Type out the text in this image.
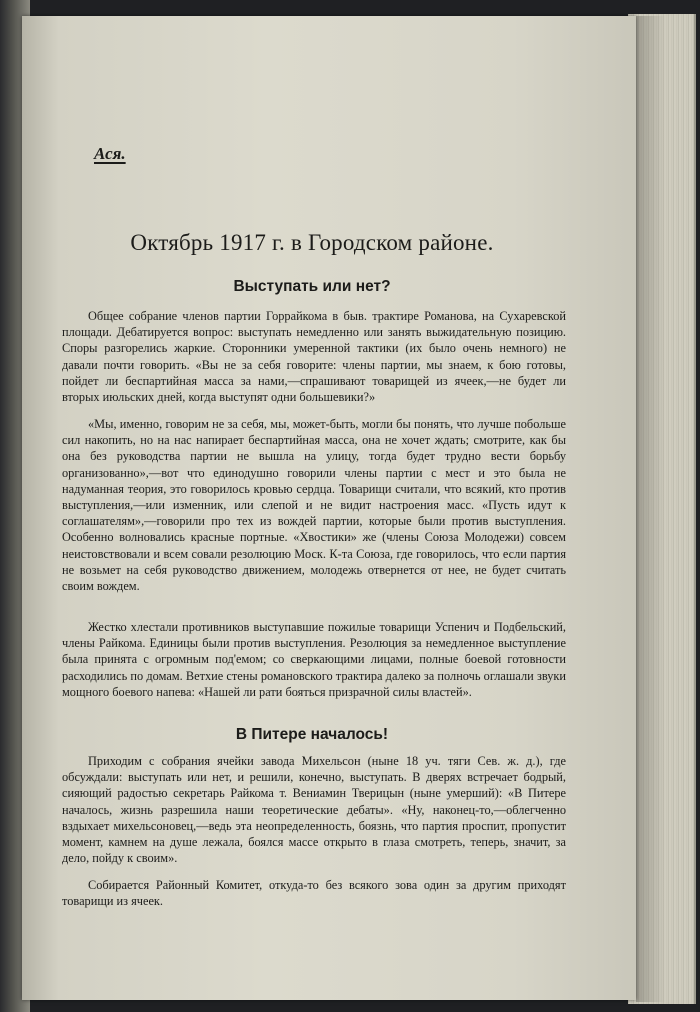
Ася.
Октябрь 1917 г. в Городском районе.
Выступать или нет?

Общее собрание членов партии Горрайкома в быв. трактире Романова, на Сухаревской площади. Дебатируется вопрос: выступать немедленно или занять выжидательную позицию. Споры разгорелись жаркие. Сторонники умеренной тактики (их было очень немного) не давали почти говорить. «Вы не за себя говорите: члены партии, мы знаем, к бою готовы, пойдет ли беспартийная масса за нами,—спрашивают товарищей из ячеек,—не будет ли вторых июльских дней, когда выступят одни большевики?»

«Мы, именно, говорим не за себя, мы, может-быть, могли бы понять, что лучше побольше сил накопить, но на нас напирает беспартийная масса, она не хочет ждать; смотрите, как бы она без руководства партии не вышла на улицу, тогда будет трудно вести борьбу организованно»,—вот что единодушно говорили члены партии с мест и это была не надуманная теория, это говорилось кровью сердца. Товарищи считали, что всякий, кто против выступления,—или изменник, или слепой и не видит настроения масс. «Пусть идут к соглашателям»,—говорили про тех из вождей партии, которые были против выступления. Особенно волновались красные портные. «Хвостики» же (члены Союза Молодежи) совсем неистовствовали и всем совали резолюцию Моск. К-та Союза, где говорилось, что если партия не возьмет на себя руководство движением, молодежь отвернется от нее, не будет считать своим вождем.

Жестко хлестали противников выступавшие пожилые товарищи Успенич и Подбельский, члены Райкома. Единицы были против выступления. Резолюция за немедленное выступление была принята с огромным под'емом; со сверкающими лицами, полные боевой готовности расходились по домам. Ветхие стены романовского трактира далеко за полночь оглашали звуки мощного боевого напева: «Нашей ли рати бояться призрачной силы властей».

В Питере началось!

Приходим с собрания ячейки завода Михельсон (ныне 18 уч. тяги Сев. ж. д.), где обсуждали: выступать или нет, и решили, конечно, выступать. В дверях встречает бодрый, сияющий радостью секретарь Райкома т. Вениамин Тверицын (ныне умерший): «В Питере началось, жизнь разрешила наши теоретические дебаты». «Ну, наконец-то,—облегченно вздыхает михельсоновец,—ведь эта неопределенность, боязнь, что партия проспит, пропустит момент, камнем на душе лежала, боялся массе открыто в глаза смотреть, теперь, значит, за дело, пойду к своим».

Собирается Районный Комитет, откуда-то без всякого зова один за другим приходят товарищи из ячеек.
